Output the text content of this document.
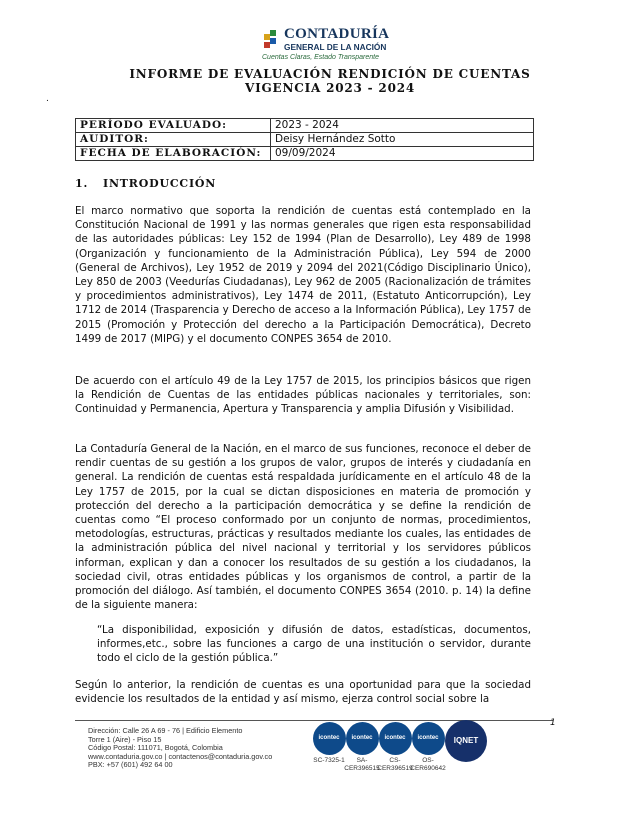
CONTADURÍA
GENERAL DE LA NACIÓN
Cuentas Claras, Estado Transparente
.
INFORME DE EVALUACIÓN RENDICIÓN DE CUENTAS
VIGENCIA 2023 - 2024
PERÍODO EVALUADO:	2023 - 2024
AUDITOR:	Deisy Hernández Sotto
FECHA DE ELABORACIÓN:	09/09/2024
1. INTRODUCCIÓN

El marco normativo que soporta la rendición de cuentas está contemplado en la Constitución Nacional de 1991 y las normas generales que rigen esta responsabilidad de las autoridades públicas: Ley 152 de 1994 (Plan de Desarrollo), Ley 489 de 1998 (Organización y funcionamiento de la Administración Pública), Ley 594 de 2000 (General de Archivos), Ley 1952 de 2019 y 2094 del 2021(Código Disciplinario Único), Ley 850 de 2003 (Veedurías Ciudadanas), Ley 962 de 2005 (Racionalización de trámites y procedimientos administrativos), Ley 1474 de 2011, (Estatuto Anticorrupción), Ley 1712 de 2014 (Trasparencia y Derecho de acceso a la Información Pública), Ley 1757 de 2015 (Promoción y Protección del derecho a la Participación Democrática), Decreto 1499 de 2017 (MIPG) y el documento CONPES 3654 de 2010.

De acuerdo con el artículo 49 de la Ley 1757 de 2015, los principios básicos que rigen la Rendición de Cuentas de las entidades públicas nacionales y territoriales, son: Continuidad y Permanencia, Apertura y Transparencia y amplia Difusión y Visibilidad.

La Contaduría General de la Nación, en el marco de sus funciones, reconoce el deber de rendir cuentas de su gestión a los grupos de valor, grupos de interés y ciudadanía en general. La rendición de cuentas está respaldada jurídicamente en el artículo 48 de la Ley 1757 de 2015, por la cual se dictan disposiciones en materia de promoción y protección del derecho a la participación democrática y se define la rendición de cuentas como “El proceso conformado por un conjunto de normas, procedimientos, metodologías, estructuras, prácticas y resultados mediante los cuales, las entidades de la administración pública del nivel nacional y territorial y los servidores públicos informan, explican y dan a conocer los resultados de su gestión a los ciudadanos, la sociedad civil, otras entidades públicas y los organismos de control, a partir de la promoción del diálogo. Así también, el documento CONPES 3654 (2010. p. 14) la define de la siguiente manera:

“La disponibilidad, exposición y difusión de datos, estadísticas, documentos, informes,etc., sobre las funciones a cargo de una institución o servidor, durante todo el ciclo de la gestión pública.”

Según lo anterior, la rendición de cuentas es una oportunidad para que la sociedad evidencie los resultados de la entidad y así mismo, ejerza control social sobre la

1
Dirección: Calle 26 A 69 - 76 | Edificio Elemento
Torre 1 (Aire) - Piso 15
Código Postal: 111071, Bogotá, Colombia
www.contaduria.gov.co | contactenos@contaduria.gov.co
PBX: +57 (601) 492 64 00
icontec
SC-7325-1
icontec
SA-CER396515
icontec
CS-CER396519
icontec
OS-CER690642
IQNET
